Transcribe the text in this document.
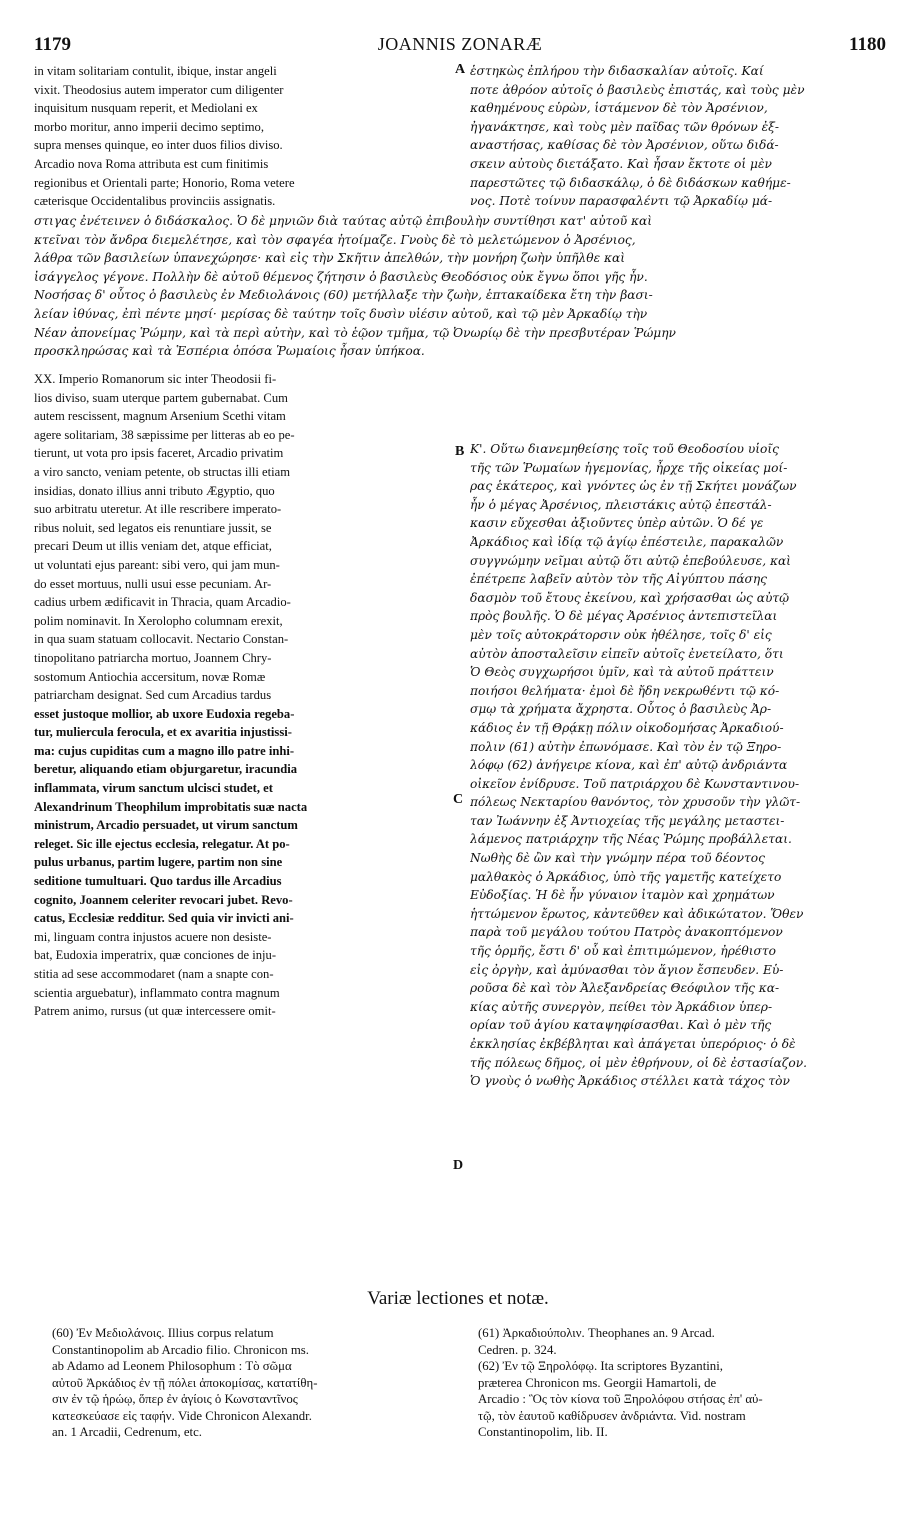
1179	JOANNIS ZONARÆ	1180
in vitam solitariam contulit, ibique, instar angeli
vixit. Theodosius autem imperator cum diligenter
inquisitum nusquam reperit, et Mediolani ex
morbo moritur, anno imperii decimo septimo,
supra menses quinque, eo inter duos filios diviso.
Arcadio nova Roma attributa est cum finitimis
regionibus et Orientali parte; Honorio, Roma vetere
cæterisque Occidentalibus provinciis assignatis.
A ἑστηκὼς ἐπλήρου τὴν διδασκαλίαν αὐτοῖς. Καί
ποτε ἀθρόον αὐτοῖς ὁ βασιλεὺς ἐπιστάς, καὶ τοὺς μὲν
καθημένους εὑρὼν, ἱστάμενον δὲ τὸν Ἀρσένιον,
ἠγανάκτησε, καὶ τοὺς μὲν παῖδας τῶν θρόνων ἐξ-
αναστήσας, καθίσας δὲ τὸν Ἀρσένιον, οὕτω διδά-
σκειν αὐτοὺς διετάξατο. Καὶ ἦσαν ἔκτοτε οἱ μὲν
παρεστῶτες τῷ διδασκάλῳ, ὁ δὲ διδάσκων καθήμε-
νος. Ποτὲ τοίνυν παρασφαλέντι τῷ Ἀρκαδίῳ μά-
στιγας ἐνέτεινεν ὁ διδάσκαλος. Ὁ δὲ μηνιῶν διὰ ταύτας αὐτῷ ἐπιβουλὴν συντίθησι κατ' αὐτοῦ καὶ
κτεῖναι τὸν ἄνδρα διεμελέτησε, καὶ τὸν σφαγέα ἡτοίμαζε. Γνοὺς δὲ τὸ μελετώμενον ὁ Ἀρσένιος,
λάθρα τῶν βασιλείων ὑπανεχώρησε· καὶ εἰς τὴν Σκῆτιν ἀπελθών, τὴν μονήρη ζωὴν ὑπῆλθε καὶ
ἰσάγγελος γέγονε. Πολλὴν δὲ αὐτοῦ θέμενος ζήτησιν ὁ βασιλεὺς Θεοδόσιος οὐκ ἔγνω ὅποι γῆς ἦν.
Νοσήσας δ' οὗτος ὁ βασιλεὺς ἐν Μεδιολάνοις (60) μετήλλαξε τὴν ζωὴν, ἑπτακαίδεκα ἔτη τὴν βασι-
λείαν ἰθύνας, ἐπὶ πέντε μησί· μερίσας δὲ ταύτην τοῖς δυσὶν υἱέσιν αὐτοῦ, καὶ τῷ μὲν Ἀρκαδίῳ τὴν
Νέαν ἀπονείμας Ῥώμην, καὶ τὰ περὶ αὐτὴν, καὶ τὸ ἑῷον τμῆμα, τῷ Ὀνωρίῳ δὲ τὴν πρεσβυτέραν Ῥώμην
προσκληρώσας καὶ τὰ Ἑσπέρια ὁπόσα Ῥωμαίοις ἦσαν ὑπήκοα.
XX. Imperio Romanorum sic inter Theodosii fi-
lios diviso, suam uterque partem gubernabat. Cum
autem rescissent, magnum Arsenium Scethi vitam
agere solitariam, 38 sæpissime per litteras ab eo pe-
tierunt, ut vota pro ipsis faceret, Arcadio privatim
a viro sancto, veniam petente, ob structas illi etiam
insidias, donato illius anni tributo Ægyptio, quo
suo arbitratu uteretur. At ille rescribere imperato-
ribus noluit, sed legatos eis renuntiare jussit, se
precari Deum ut illis veniam det, atque efficiat,
ut voluntati ejus pareant: sibi vero, qui jam mun-
do esset mortuus, nulli usui esse pecuniam. Ar-
cadius urbem ædificavit in Thracia, quam Arcadio-
polim nominavit. In Xerolopho columnam erexit,
in qua suam statuam collocavit. Nectario Constan-
tinopolitano patriarcha mortuo, Joannem Chry-
sostomum Antiochia accersitum, novæ Romæ
patriarcham designat. Sed cum Arcadius tardus
esset justoque mollior, ab uxore Eudoxia regeba-
tur, muliercula ferocula, et ex avaritia injustissi-
ma: cujus cupiditas cum a magno illo patre inhi-
beretur, aliquando etiam objurgaretur, iracundia
inflammata, virum sanctum ulcisci studet, et
Alexandrinum Theophilum improbitatis suæ nacta
ministrum, Arcadio persuadet, ut virum sanctum
releget. Sic ille ejectus ecclesia, relegatur. At po-
pulus urbanus, partim lugere, partim non sine
seditione tumultuari. Quo tardus ille Arcadius
cognito, Joannem celeriter revocari jubet. Revo-
catus, Ecclesiæ redditur. Sed quia vir invicti ani-
mi, linguam contra injustos acuere non desiste-
bat, Eudoxia imperatrix, quæ conciones de inju-
stitia ad sese accommodaret (nam a snapte con-
scientia arguebatur), inflammato contra magnum
Patrem animo, rursus (ut quæ intercessere omit-
B
C
D
Κ'. Οὕτω διανεμηθείσης τοῖς τοῦ Θεοδοσίου υἱοῖς
τῆς τῶν Ῥωμαίων ἡγεμονίας, ἦρχε τῆς οἰκείας μοί-
ρας ἑκάτερος, καὶ γνόντες ὡς ἐν τῇ Σκήτει μονάζων
ἦν ὁ μέγας Ἀρσένιος, πλειστάκις αὐτῷ ἐπεστάλ-
κασιν εὔχεσθαι ἀξιοῦντες ὑπὲρ αὐτῶν. Ὁ δέ γε
Ἀρκάδιος καὶ ἰδίᾳ τῷ ἁγίῳ ἐπέστειλε, παρακαλῶν
συγγνώμην νεῖμαι αὐτῷ ὅτι αὐτῷ ἐπεβούλευσε, καὶ
ἐπέτρεπε λαβεῖν αὐτὸν τὸν τῆς Αἰγύπτου πάσης
δασμὸν τοῦ ἔτους ἐκείνου, καὶ χρήσασθαι ὡς αὐτῷ
πρὸς βουλῆς. Ὁ δὲ μέγας Ἀρσένιος ἀντεπιστεῖλαι
μὲν τοῖς αὐτοκράτορσιν οὐκ ἠθέλησε, τοῖς δ' εἰς
αὐτὸν ἀποσταλεῖσιν εἰπεῖν αὐτοῖς ἐνετείλατο, ὅτι
Ὁ Θεὸς συγχωρήσοι ὑμῖν, καὶ τὰ αὐτοῦ πράττειν
ποιήσοι θελήματα· ἐμοὶ δὲ ἤδη νεκρωθέντι τῷ κό-
σμῳ τὰ χρήματα ἄχρηστα. Οὗτος ὁ βασιλεὺς Ἀρ-
κάδιος ἐν τῇ Θρᾴκῃ πόλιν οἰκοδομήσας Ἀρκαδιού-
πολιν (61) αὐτὴν ἐπωνόμασε. Καὶ τὸν ἐν τῷ Ξηρο-
λόφῳ (62) ἀνήγειρε κίονα, καὶ ἐπ' αὐτῷ ἀνδριάντα
οἰκεῖον ἐνίδρυσε. Τοῦ πατριάρχου δὲ Κωνσταντινου-
πόλεως Νεκταρίου θανόντος, τὸν χρυσοῦν τὴν γλῶτ-
ταν Ἰωάννην ἐξ Ἀντιοχείας τῆς μεγάλης μεταστει-
λάμενος πατριάρχην τῆς Νέας Ῥώμης προβάλλεται.
Νωθὴς δὲ ὢν καὶ τὴν γνώμην πέρα τοῦ δέοντος
μαλθακὸς ὁ Ἀρκάδιος, ὑπὸ τῆς γαμετῆς κατείχετο
Εὐδοξίας. Ἡ δὲ ἦν γύναιον ἰταμὸν καὶ χρημάτων
ἡττώμενον ἔρωτος, κἀντεῦθεν καὶ ἀδικώτατον. Ὅθεν
παρὰ τοῦ μεγάλου τούτου Πατρὸς ἀνακοπτόμενον
τῆς ὁρμῆς, ἔστι δ' οὗ καὶ ἐπιτιμώμενον, ἠρέθιστο
εἰς ὀργὴν, καὶ ἀμύνασθαι τὸν ἅγιον ἔσπευδεν. Εὑ-
ροῦσα δὲ καὶ τὸν Ἀλεξανδρείας Θεόφιλον τῆς κα-
κίας αὐτῆς συνεργὸν, πείθει τὸν Ἀρκάδιον ὑπερ-
ορίαν τοῦ ἁγίου καταψηφίσασθαι. Καὶ ὁ μὲν τῆς
ἐκκλησίας ἐκβέβληται καὶ ἀπάγεται ὑπερόριος· ὁ δὲ
τῆς πόλεως δῆμος, οἱ μὲν ἐθρήνουν, οἱ δὲ ἐστασίαζον.
Ὁ γνοὺς ὁ νωθὴς Ἀρκάδιος στέλλει κατὰ τάχος τὸν
Variæ lectiones et notæ.
(60) Ἐν Μεδιολάνοις. Illius corpus relatum
Constantinopolim ab Arcadio filio. Chronicon ms.
ab Adamo ad Leonem Philosophum : Τὸ σῶμα
αὐτοῦ Ἀρκάδιος ἐν τῇ πόλει ἀποκομίσας, κατατίθη-
σιν ἐν τῷ ἡρώῳ, ὅπερ ἐν ἁγίοις ὁ Κωνσταντῖνος
κατεσκεύασε εἰς ταφήν. Vide Chronicon Alexandr.
an. 1 Arcadii, Cedrenum, etc.
(61) Ἀρκαδιούπολιν. Theophanes an. 9 Arcad.
Cedren. p. 324.
(62) Ἐν τῷ Ξηρολόφῳ. Ita scriptores Byzantini,
præterea Chronicon ms. Georgii Hamartoli, de
Arcadio : Ὃς τὸν κίονα τοῦ Ξηρολόφου στήσας ἐπ' αὐ-
τῷ, τὸν ἑαυτοῦ καθίδρυσεν ἀνδριάντα. Vid. nostram
Constantinopolim, lib. II.
